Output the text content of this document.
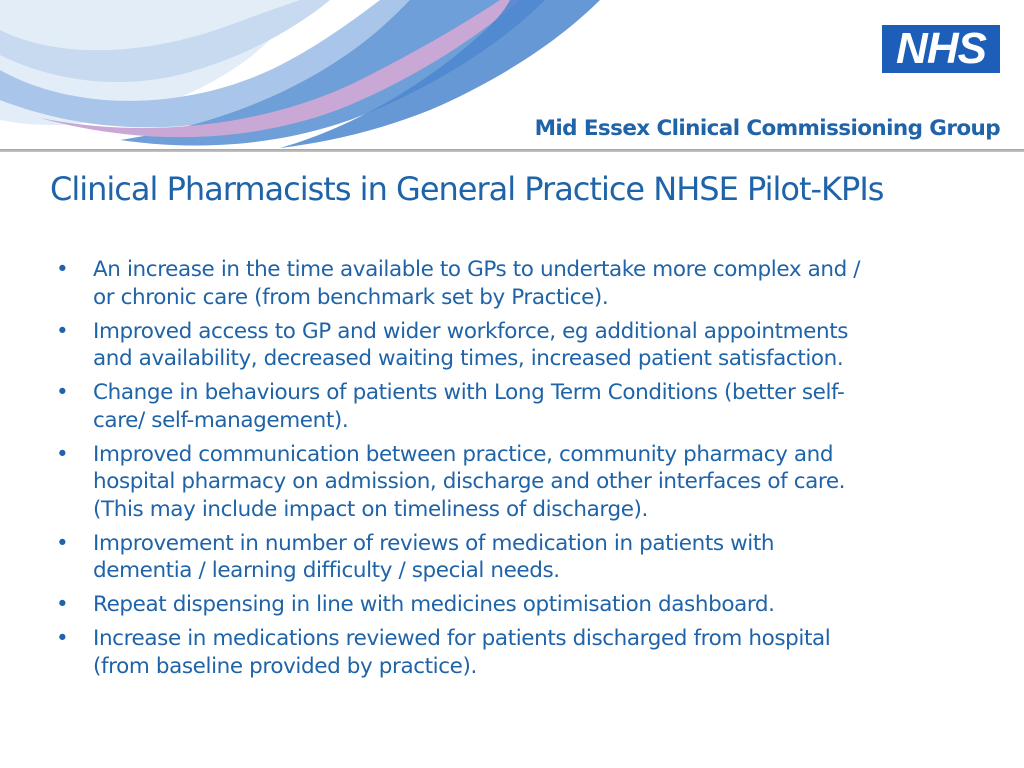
NHS
Mid Essex Clinical Commissioning Group
Clinical Pharmacists in General Practice NHSE Pilot-KPIs
• An increase in the time available to GPs to undertake more complex and /
or chronic care (from benchmark set by Practice).
• Improved access to GP and wider workforce, eg additional appointments
and availability, decreased waiting times, increased patient satisfaction.
• Change in behaviours of patients with Long Term Conditions (better self-
care/ self-management).
• Improved communication between practice, community pharmacy and
hospital pharmacy on admission, discharge and other interfaces of care.
(This may include impact on timeliness of discharge).
• Improvement in number of reviews of medication in patients with
dementia / learning difficulty / special needs.
• Repeat dispensing in line with medicines optimisation dashboard.
• Increase in medications reviewed for patients discharged from hospital
(from baseline provided by practice).
